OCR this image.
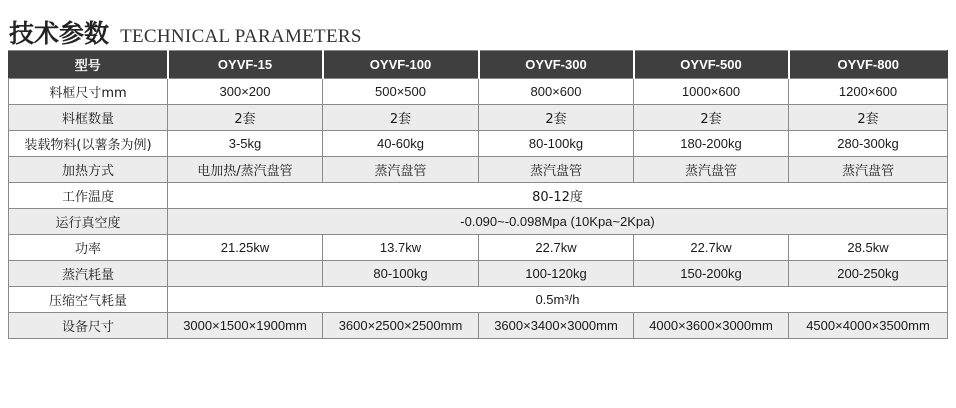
技术参数 TECHNICAL PARAMETERS
型号	OYVF-15	OYVF-100	OYVF-300	OYVF-500	OYVF-800
料框尺寸mm	300×200	500×500	800×600	1000×600	1200×600
料框数量	2套	2套	2套	2套	2套
装载物料(以薯条为例)	3-5kg	40-60kg	80-100kg	180-200kg	280-300kg
加热方式	电加热/蒸汽盘管	蒸汽盘管	蒸汽盘管	蒸汽盘管	蒸汽盘管
工作温度	80-12度				
运行真空度	-0.090~-0.098Mpa (10Kpa~2Kpa)				
功率	21.25kw	13.7kw	22.7kw	22.7kw	28.5kw
蒸汽耗量		80-100kg	100-120kg	150-200kg	200-250kg
压缩空气耗量	0.5m³/h				
设备尺寸	3000×1500×1900mm	3600×2500×2500mm	3600×3400×3000mm	4000×3600×3000mm	4500×4000×3500mm
